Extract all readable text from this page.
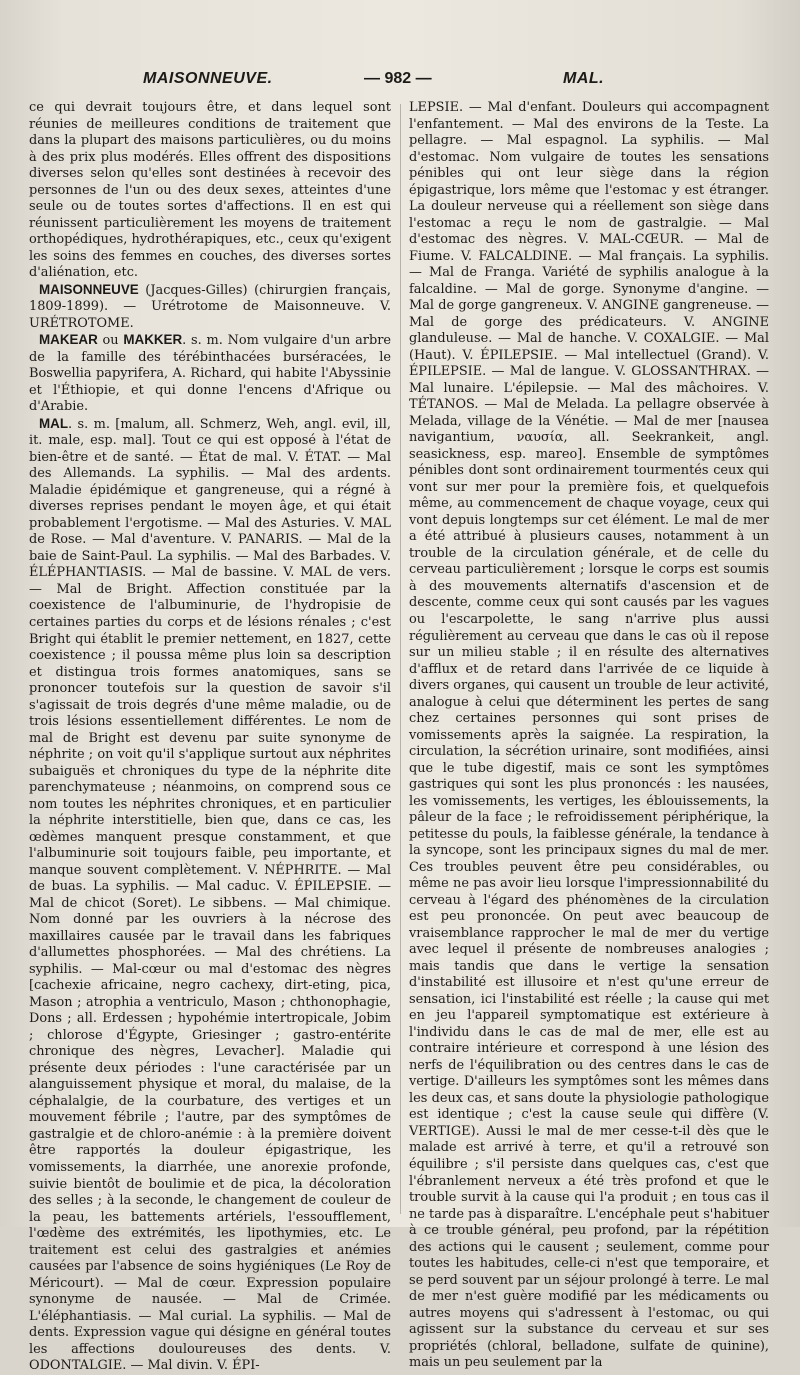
MAISONNEUVE.	— 982 —	MAL.

ce qui devrait toujours être, et dans lequel sont réunies de meilleures conditions de traitement que dans la plupart des maisons particulières, ou du moins à des prix plus modérés. Elles offrent des dispositions diverses selon qu'elles sont destinées à recevoir des personnes de l'un ou des deux sexes, atteintes d'une seule ou de toutes sortes d'affections. Il en est qui réunissent particulièrement les moyens de traitement orthopédiques, hydrothérapiques, etc., ceux qu'exigent les soins des femmes en couches, des diverses sortes d'aliénation, etc.

MAISONNEUVE (Jacques-Gilles) (chirurgien français, 1809-1899). — Urétrotome de Maisonneuve. V. URÉTROTOME.

MAKEAR ou MAKKER. s. m. Nom vulgaire d'un arbre de la famille des térébinthacées burséracées, le Boswellia papyrifera, A. Richard, qui habite l'Abyssinie et l'Éthiopie, et qui donne l'encens d'Afrique ou d'Arabie.

MAL. s. m. [malum, all. Schmerz, Weh, angl. evil, ill, it. male, esp. mal]. Tout ce qui est opposé à l'état de bien-être et de santé. — État de mal. V. ÉTAT. — Mal des Allemands. La syphilis. — Mal des ardents. Maladie épidémique et gangreneuse, qui a régné à diverses reprises pendant le moyen âge, et qui était probablement l'ergotisme. — Mal des Asturies. V. MAL de Rose. — Mal d'aventure. V. PANARIS. — Mal de la baie de Saint-Paul. La syphilis. — Mal des Barbades. V. ÉLÉPHANTIASIS. — Mal de bassine. V. MAL de vers. — Mal de Bright. Affection constituée par la coexistence de l'albuminurie, de l'hydropisie de certaines parties du corps et de lésions rénales ; c'est Bright qui établit le premier nettement, en 1827, cette coexistence ; il poussa même plus loin sa description et distingua trois formes anatomiques, sans se prononcer toutefois sur la question de savoir s'il s'agissait de trois degrés d'une même maladie, ou de trois lésions essentiellement différentes. Le nom de mal de Bright est devenu par suite synonyme de néphrite ; on voit qu'il s'applique surtout aux néphrites subaiguës et chroniques du type de la néphrite dite parenchymateuse ; néanmoins, on comprend sous ce nom toutes les néphrites chroniques, et en particulier la néphrite interstitielle, bien que, dans ce cas, les œdèmes manquent presque constamment, et que l'albuminurie soit toujours faible, peu importante, et manque souvent complètement. V. NÉPHRITE. — Mal de buas. La syphilis. — Mal caduc. V. ÉPILEPSIE. — Mal de chicot (Soret). Le sibbens. — Mal chimique. Nom donné par les ouvriers à la nécrose des maxillaires causée par le travail dans les fabriques d'allumettes phosphorées. — Mal des chrétiens. La syphilis. — Mal-cœur ou mal d'estomac des nègres [cachexie africaine, negro cachexy, dirt-eting, pica, Mason ; atrophia a ventriculo, Mason ; chthonophagie, Dons ; all. Erdessen ; hypohémie intertropicale, Jobim ; chlorose d'Égypte, Griesinger ; gastro-entérite chronique des nègres, Levacher]. Maladie qui présente deux périodes : l'une caractérisée par un alanguissement physique et moral, du malaise, de la céphalalgie, de la courbature, des vertiges et un mouvement fébrile ; l'autre, par des symptômes de gastralgie et de chloro-anémie : à la première doivent être rapportés la douleur épigastrique, les vomissements, la diarrhée, une anorexie profonde, suivie bientôt de boulimie et de pica, la décoloration des selles ; à la seconde, le changement de couleur de la peau, les battements artériels, l'essoufflement, l'œdème des extrémités, les lipothymies, etc. Le traitement est celui des gastralgies et anémies causées par l'absence de soins hygiéniques (Le Roy de Méricourt). — Mal de cœur. Expression populaire synonyme de nausée. — Mal de Crimée. L'éléphantiasis. — Mal curial. La syphilis. — Mal de dents. Expression vague qui désigne en général toutes les affections douloureuses des dents. V. ODONTALGIE. — Mal divin. V. ÉPI-

LEPSIE. — Mal d'enfant. Douleurs qui accompagnent l'enfantement. — Mal des environs de la Teste. La pellagre. — Mal espagnol. La syphilis. — Mal d'estomac. Nom vulgaire de toutes les sensations pénibles qui ont leur siège dans la région épigastrique, lors même que l'estomac y est étranger. La douleur nerveuse qui a réellement son siège dans l'estomac a reçu le nom de gastralgie. — Mal d'estomac des nègres. V. MAL-CŒUR. — Mal de Fiume. V. FALCALDINE. — Mal français. La syphilis. — Mal de Franga. Variété de syphilis analogue à la falcaldine. — Mal de gorge. Synonyme d'angine. — Mal de gorge gangreneux. V. ANGINE gangreneuse. — Mal de gorge des prédicateurs. V. ANGINE glanduleuse. — Mal de hanche. V. COXALGIE. — Mal (Haut). V. ÉPILEPSIE. — Mal intellectuel (Grand). V. ÉPILEPSIE. — Mal de langue. V. GLOSSANTHRAX. — Mal lunaire. L'épilepsie. — Mal des mâchoires. V. TÉTANOS. — Mal de Melada. La pellagre observée à Melada, village de la Vénétie. — Mal de mer [nausea navigantium, ναυσία, all. Seekrankeit, angl. seasickness, esp. mareo]. Ensemble de symptômes pénibles dont sont ordinairement tourmentés ceux qui vont sur mer pour la première fois, et quelquefois même, au commencement de chaque voyage, ceux qui vont depuis longtemps sur cet élément. Le mal de mer a été attribué à plusieurs causes, notamment à un trouble de la circulation générale, et de celle du cerveau particulièrement ; lorsque le corps est soumis à des mouvements alternatifs d'ascension et de descente, comme ceux qui sont causés par les vagues ou l'escarpolette, le sang n'arrive plus aussi régulièrement au cerveau que dans le cas où il repose sur un milieu stable ; il en résulte des alternatives d'afflux et de retard dans l'arrivée de ce liquide à divers organes, qui causent un trouble de leur activité, analogue à celui que déterminent les pertes de sang chez certaines personnes qui sont prises de vomissements après la saignée. La respiration, la circulation, la sécrétion urinaire, sont modifiées, ainsi que le tube digestif, mais ce sont les symptômes gastriques qui sont les plus prononcés : les nausées, les vomissements, les vertiges, les éblouissements, la pâleur de la face ; le refroidissement périphérique, la petitesse du pouls, la faiblesse générale, la tendance à la syncope, sont les principaux signes du mal de mer. Ces troubles peuvent être peu considérables, ou même ne pas avoir lieu lorsque l'impressionnabilité du cerveau à l'égard des phénomènes de la circulation est peu prononcée. On peut avec beaucoup de vraisemblance rapprocher le mal de mer du vertige avec lequel il présente de nombreuses analogies ; mais tandis que dans le vertige la sensation d'instabilité est illusoire et n'est qu'une erreur de sensation, ici l'instabilité est réelle ; la cause qui met en jeu l'appareil symptomatique est extérieure à l'individu dans le cas de mal de mer, elle est au contraire intérieure et correspond à une lésion des nerfs de l'équilibration ou des centres dans le cas de vertige. D'ailleurs les symptômes sont les mêmes dans les deux cas, et sans doute la physiologie pathologique est identique ; c'est la cause seule qui diffère (V. VERTIGE). Aussi le mal de mer cesse-t-il dès que le malade est arrivé à terre, et qu'il a retrouvé son équilibre ; s'il persiste dans quelques cas, c'est que l'ébranlement nerveux a été très profond et que le trouble survit à la cause qui l'a produit ; en tous cas il ne tarde pas à disparaître. L'encéphale peut s'habituer à ce trouble général, peu profond, par la répétition des actions qui le causent ; seulement, comme pour toutes les habitudes, celle-ci n'est que temporaire, et se perd souvent par un séjour prolongé à terre. Le mal de mer n'est guère modifié par les médicaments ou autres moyens qui s'adressent à l'estomac, ou qui agissent sur la substance du cerveau et sur ses propriétés (chloral, belladone, sulfate de quinine), mais un peu seulement par la
